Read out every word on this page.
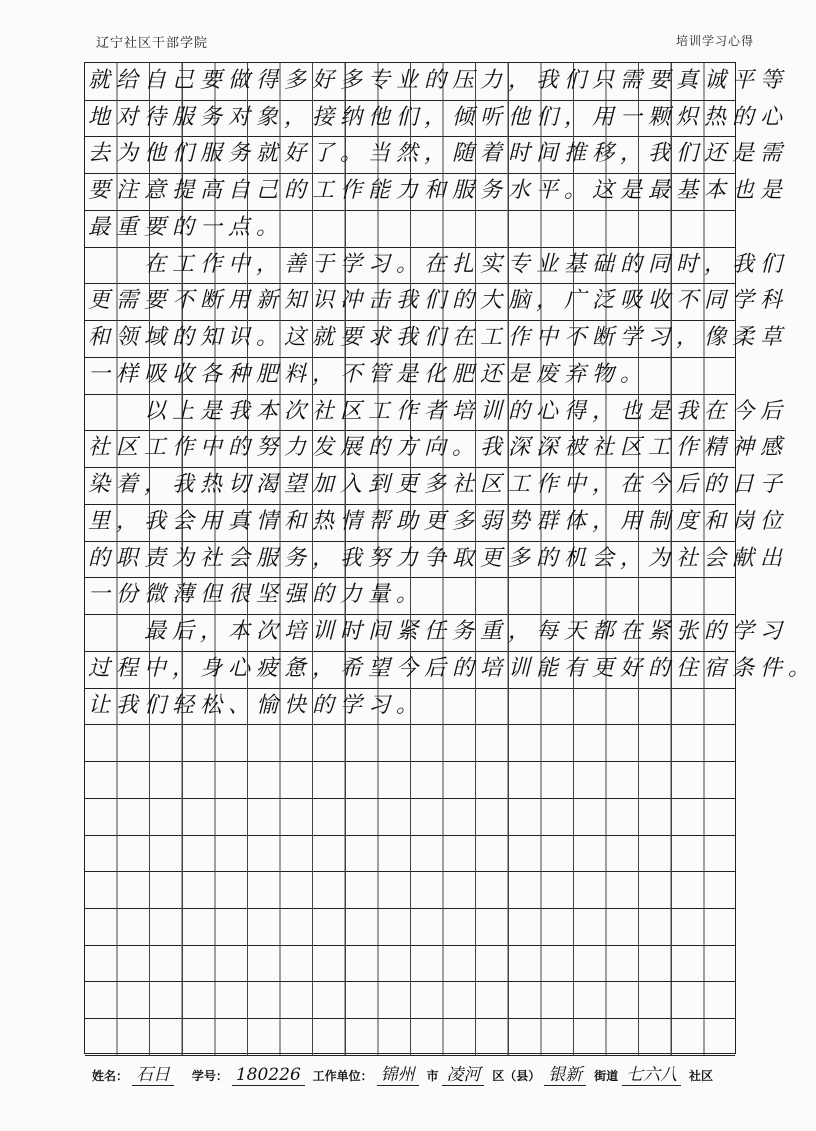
辽宁社区干部学院	培训学习心得
就给自己要做得多好多专业的压力，我们只需要真诚平等
地对待服务对象，接纳他们，倾听他们，用一颗炽热的心
去为他们服务就好了。当然，随着时间推移，我们还是需
要注意提高自己的工作能力和服务水平。这是最基本也是
最重要的一点。
　　在工作中，善于学习。在扎实专业基础的同时，我们
更需要不断用新知识冲击我们的大脑，广泛吸收不同学科
和领域的知识。这就要求我们在工作中不断学习，像柔草
一样吸收各种肥料，不管是化肥还是废弃物。
　　以上是我本次社区工作者培训的心得，也是我在今后
社区工作中的努力发展的方向。我深深被社区工作精神感
染着，我热切渴望加入到更多社区工作中，在今后的日子
里，我会用真情和热情帮助更多弱势群体，用制度和岗位
的职责为社会服务，我努力争取更多的机会，为社会献出
一份微薄但很坚强的力量。
　　最后，本次培训时间紧任务重，每天都在紧张的学习
过程中，身心疲惫，希望今后的培训能有更好的住宿条件。
让我们轻松、愉快的学习。
姓名： 石日 学号： 180226 工作单位： 锦州 市 凌河 区（县） 银新 街道 七六八 社区
